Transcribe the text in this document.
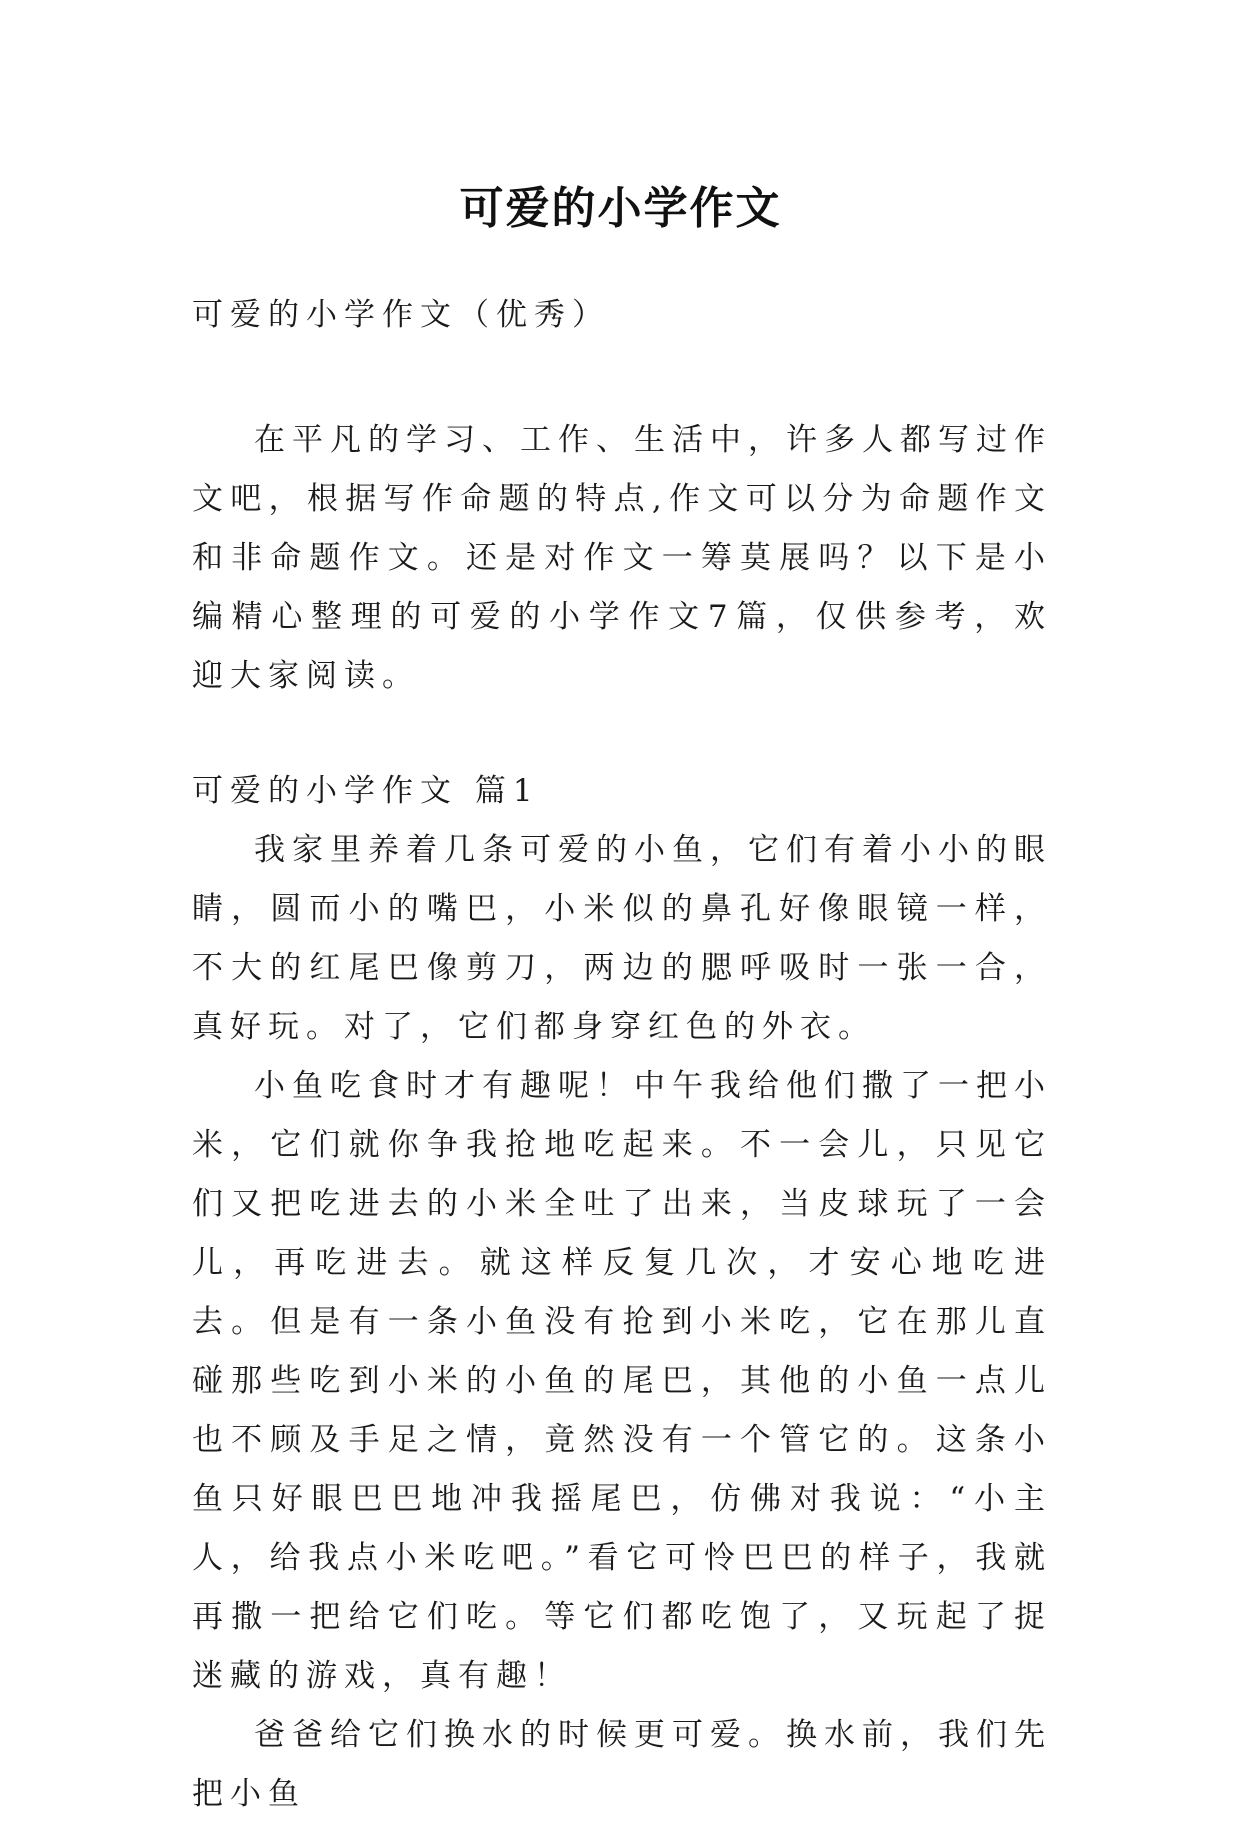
可爱的小学作文

可爱的小学作文（优秀）

在平凡的学习、工作、生活中，许多人都写过作文吧，根据写作命题的特点,作文可以分为命题作文和非命题作文。还是对作文一筹莫展吗？以下是小编精心整理的可爱的小学作文7篇，仅供参考，欢迎大家阅读。

可爱的小学作文 篇1

我家里养着几条可爱的小鱼，它们有着小小的眼睛，圆而小的嘴巴，小米似的鼻孔好像眼镜一样，不大的红尾巴像剪刀，两边的腮呼吸时一张一合，真好玩。对了，它们都身穿红色的外衣。

小鱼吃食时才有趣呢！中午我给他们撒了一把小米，它们就你争我抢地吃起来。不一会儿，只见它们又把吃进去的小米全吐了出来，当皮球玩了一会儿，再吃进去。就这样反复几次，才安心地吃进去。但是有一条小鱼没有抢到小米吃，它在那儿直碰那些吃到小米的小鱼的尾巴，其他的小鱼一点儿也不顾及手足之情，竟然没有一个管它的。这条小鱼只好眼巴巴地冲我摇尾巴，仿佛对我说：“小主人，给我点小米吃吧。”看它可怜巴巴的样子，我就再撒一把给它们吃。等它们都吃饱了，又玩起了捉迷藏的游戏，真有趣！

爸爸给它们换水的时候更可爱。换水前，我们先把小鱼
